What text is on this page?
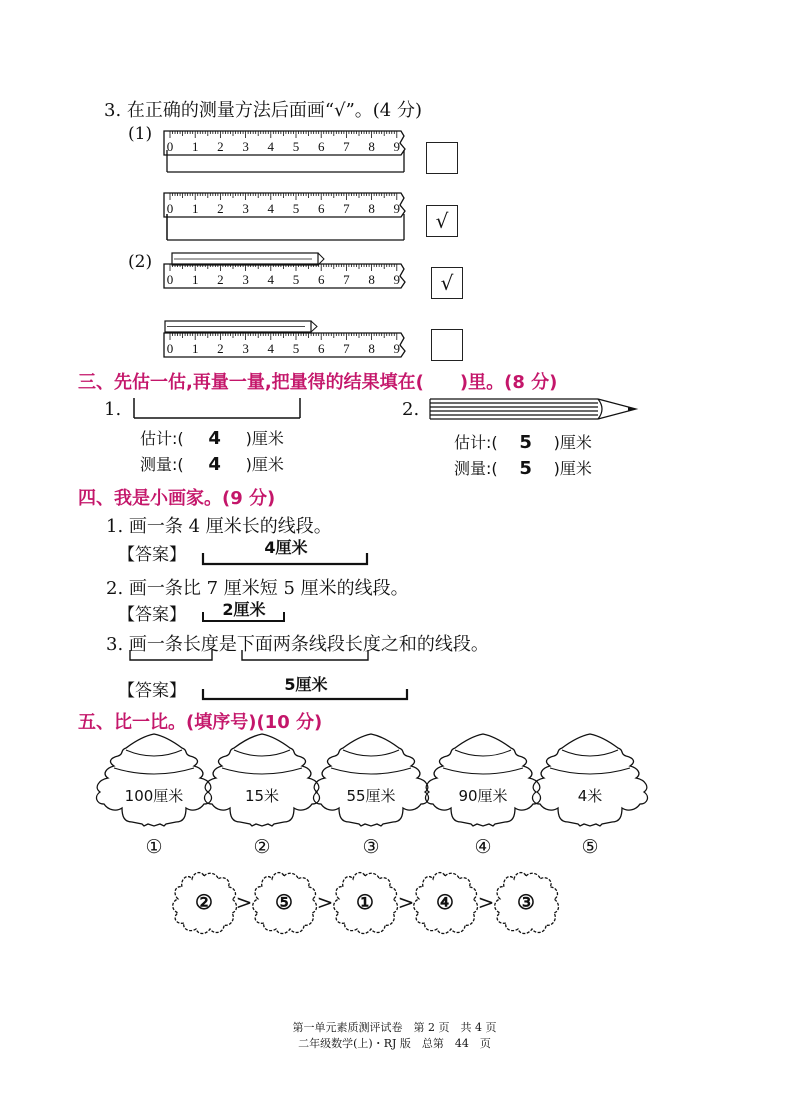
3. 在正确的测量方法后面画“√”。(4 分)
(1)
(2)
0 1 2 3 4 5 6 7 8 9
0 1 2 3 4 5 6 7 8 9
0 1 2 3 4 5 6 7 8 9
0 1 2 3 4 5 6 7 8 9
√
√
三、先估一估,再量一量,把量得的结果填在(　　)里。(8 分)
1.
估计:( 4 )厘米
测量:( 4 )厘米
2.
估计:( 5 )厘米
测量:( 5 )厘米
四、我是小画家。(9 分)
1. 画一条 4 厘米长的线段。
【答案】	4厘米
2. 画一条比 7 厘米短 5 厘米的线段。
【答案】	2厘米
3. 画一条长度是下面两条线段长度之和的线段。
【答案】	5厘米
五、比一比。(填序号)(10 分)
100厘米	15米	55厘米	90厘米	4米
①	②	③	④	⑤
②	>	⑤	>	①	>	④	>	③
第一单元素质测评试卷　第 2 页　共 4 页
二年级数学(上)・RJ 版　总第　44　页
